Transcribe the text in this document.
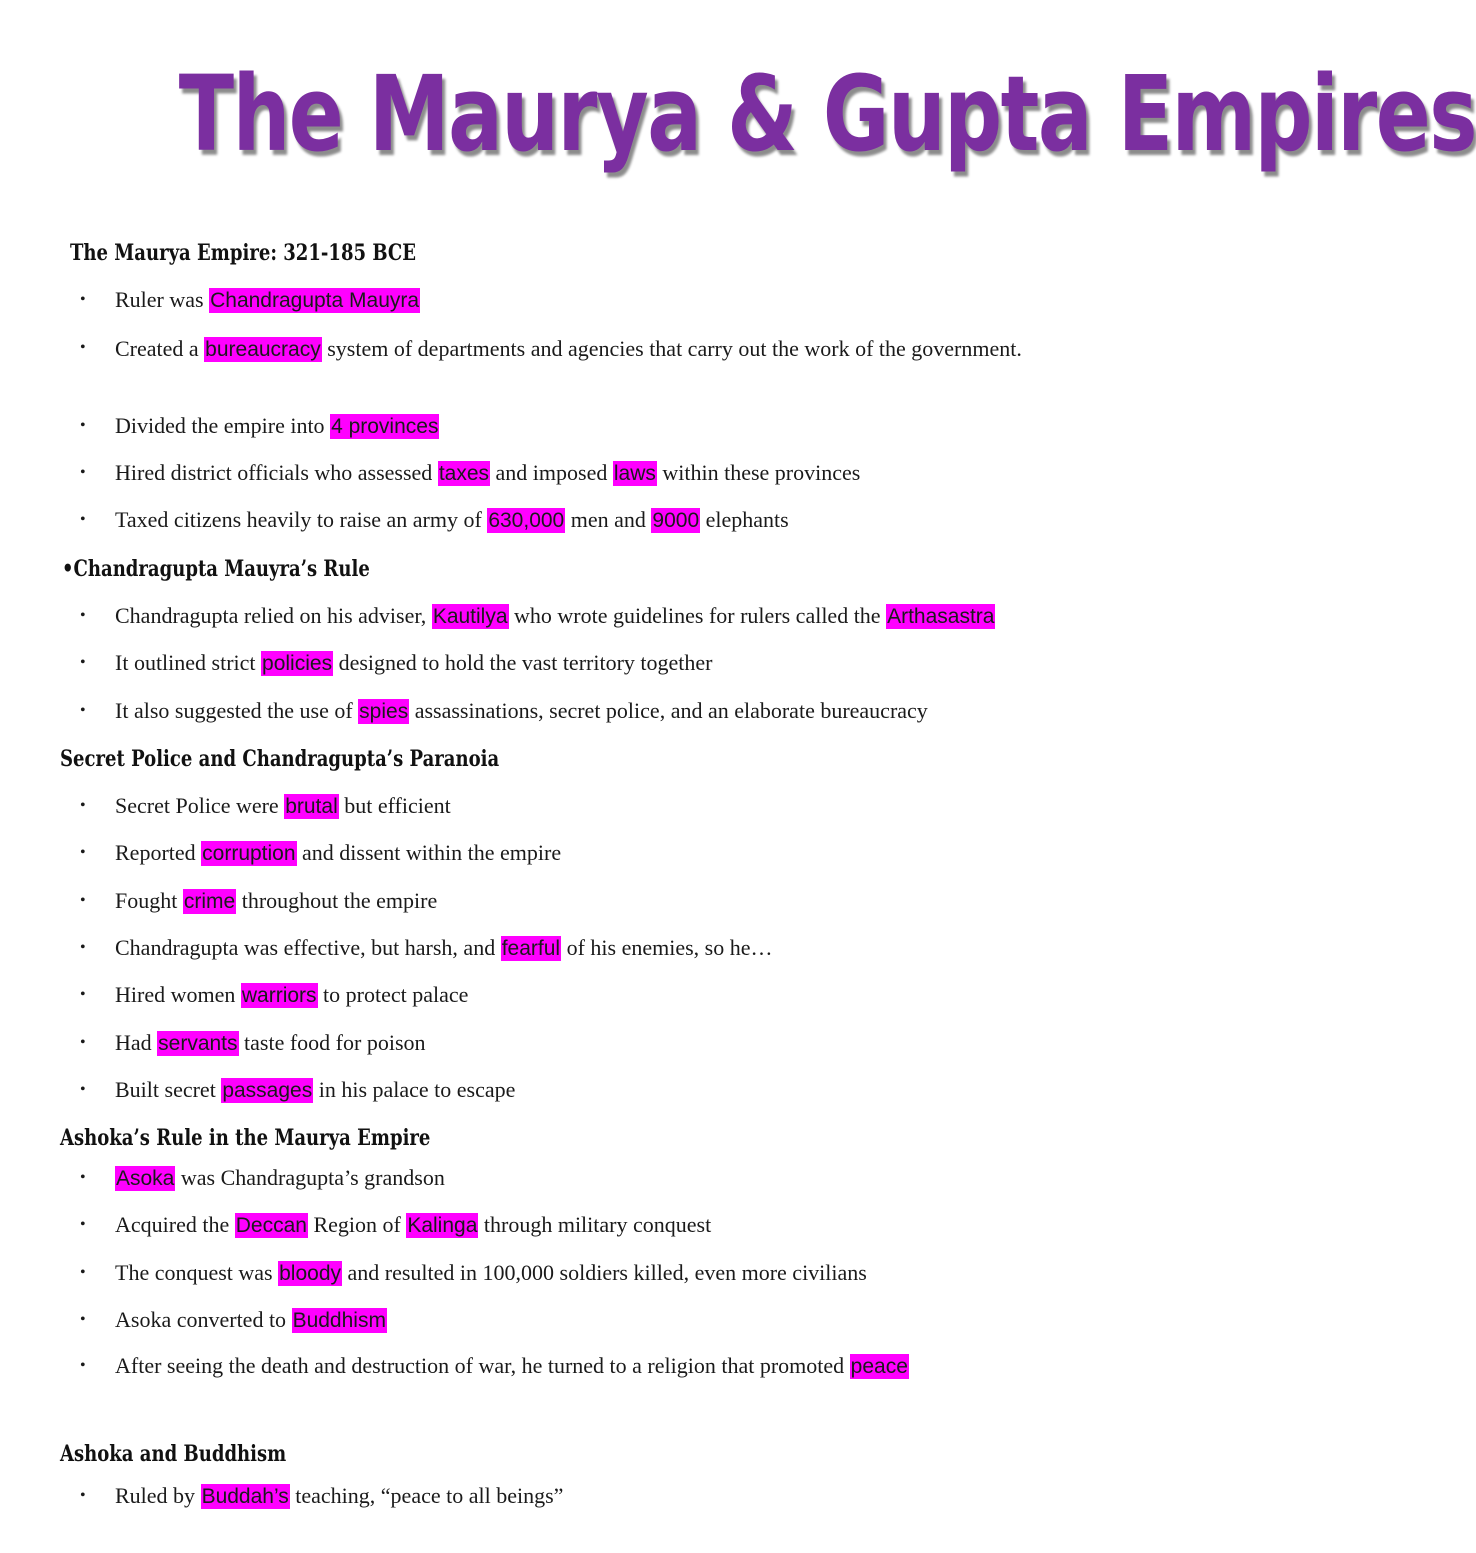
The Maurya & Gupta Empires
The Maurya Empire: 321-185 BCE
•	Ruler was Chandragupta Mauyra
•	Created a bureaucracy system of departments and agencies that carry out the work of the government.
•	Divided the empire into 4 provinces
•	Hired district officials who assessed taxes and imposed laws within these provinces
•	Taxed citizens heavily to raise an army of 630,000 men and 9000 elephants
•Chandragupta Mauyra’s Rule
•	Chandragupta relied on his adviser, Kautilya who wrote guidelines for rulers called the Arthasastra
•	It outlined strict policies designed to hold the vast territory together
•	It also suggested the use of spies assassinations, secret police, and an elaborate bureaucracy
Secret Police and Chandragupta’s Paranoia
•	Secret Police were brutal but efficient
•	Reported corruption and dissent within the empire
•	Fought crime throughout the empire
•	Chandragupta was effective, but harsh, and fearful of his enemies, so he…
•	Hired women warriors to protect palace
•	Had servants taste food for poison
•	Built secret passages in his palace to escape
Ashoka’s Rule in the Maurya Empire
•	Asoka was Chandragupta’s grandson
•	Acquired the Deccan Region of Kalinga through military conquest
•	The conquest was bloody and resulted in 100,000 soldiers killed, even more civilians
•	Asoka converted to Buddhism
•	After seeing the death and destruction of war, he turned to a religion that promoted peace
Ashoka and Buddhism
•	Ruled by Buddah’s teaching, “peace to all beings”
